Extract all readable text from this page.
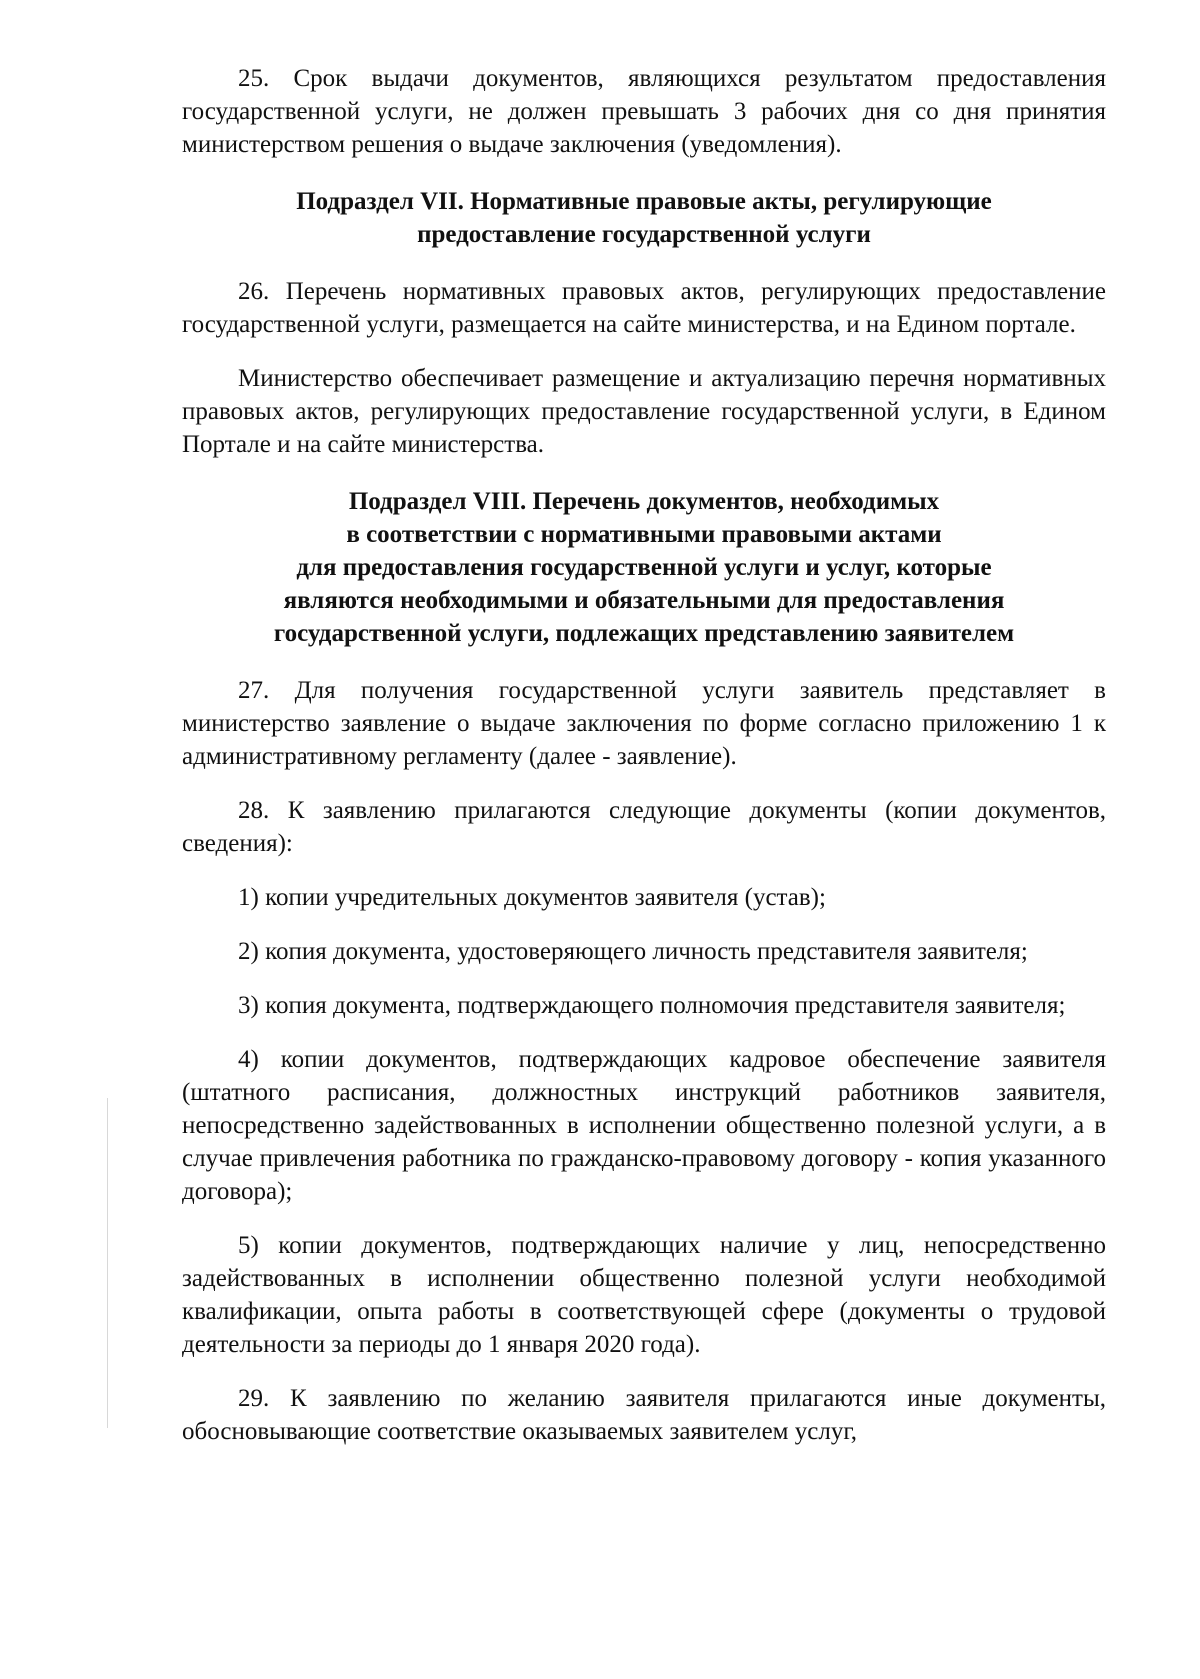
25. Срок выдачи документов, являющихся результатом предоставления государственной услуги, не должен превышать 3 рабочих дня со дня принятия министерством решения о выдаче заключения (уведомления).

Подраздел VII. Нормативные правовые акты, регулирующие
предоставление государственной услуги

26. Перечень нормативных правовых актов, регулирующих предоставление государственной услуги, размещается на сайте министерства, и на Едином портале.

Министерство обеспечивает размещение и актуализацию перечня нормативных правовых актов, регулирующих предоставление государственной услуги, в Едином Портале и на сайте министерства.

Подраздел VIII. Перечень документов, необходимых
в соответствии с нормативными правовыми актами
для предоставления государственной услуги и услуг, которые
являются необходимыми и обязательными для предоставления
государственной услуги, подлежащих представлению заявителем

27. Для получения государственной услуги заявитель представляет в министерство заявление о выдаче заключения по форме согласно приложению 1 к административному регламенту (далее - заявление).

28. К заявлению прилагаются следующие документы (копии документов, сведения):

1) копии учредительных документов заявителя (устав);

2) копия документа, удостоверяющего личность представителя заявителя;

3) копия документа, подтверждающего полномочия представителя заявителя;

4) копии документов, подтверждающих кадровое обеспечение заявителя (штатного расписания, должностных инструкций работников заявителя, непосредственно задействованных в исполнении общественно полезной услуги, а в случае привлечения работника по гражданско-правовому договору - копия указанного договора);

5) копии документов, подтверждающих наличие у лиц, непосредственно задействованных в исполнении общественно полезной услуги необходимой квалификации, опыта работы в соответствующей сфере (документы о трудовой деятельности за периоды до 1 января 2020 года).

29. К заявлению по желанию заявителя прилагаются иные документы, обосновывающие соответствие оказываемых заявителем услуг,
